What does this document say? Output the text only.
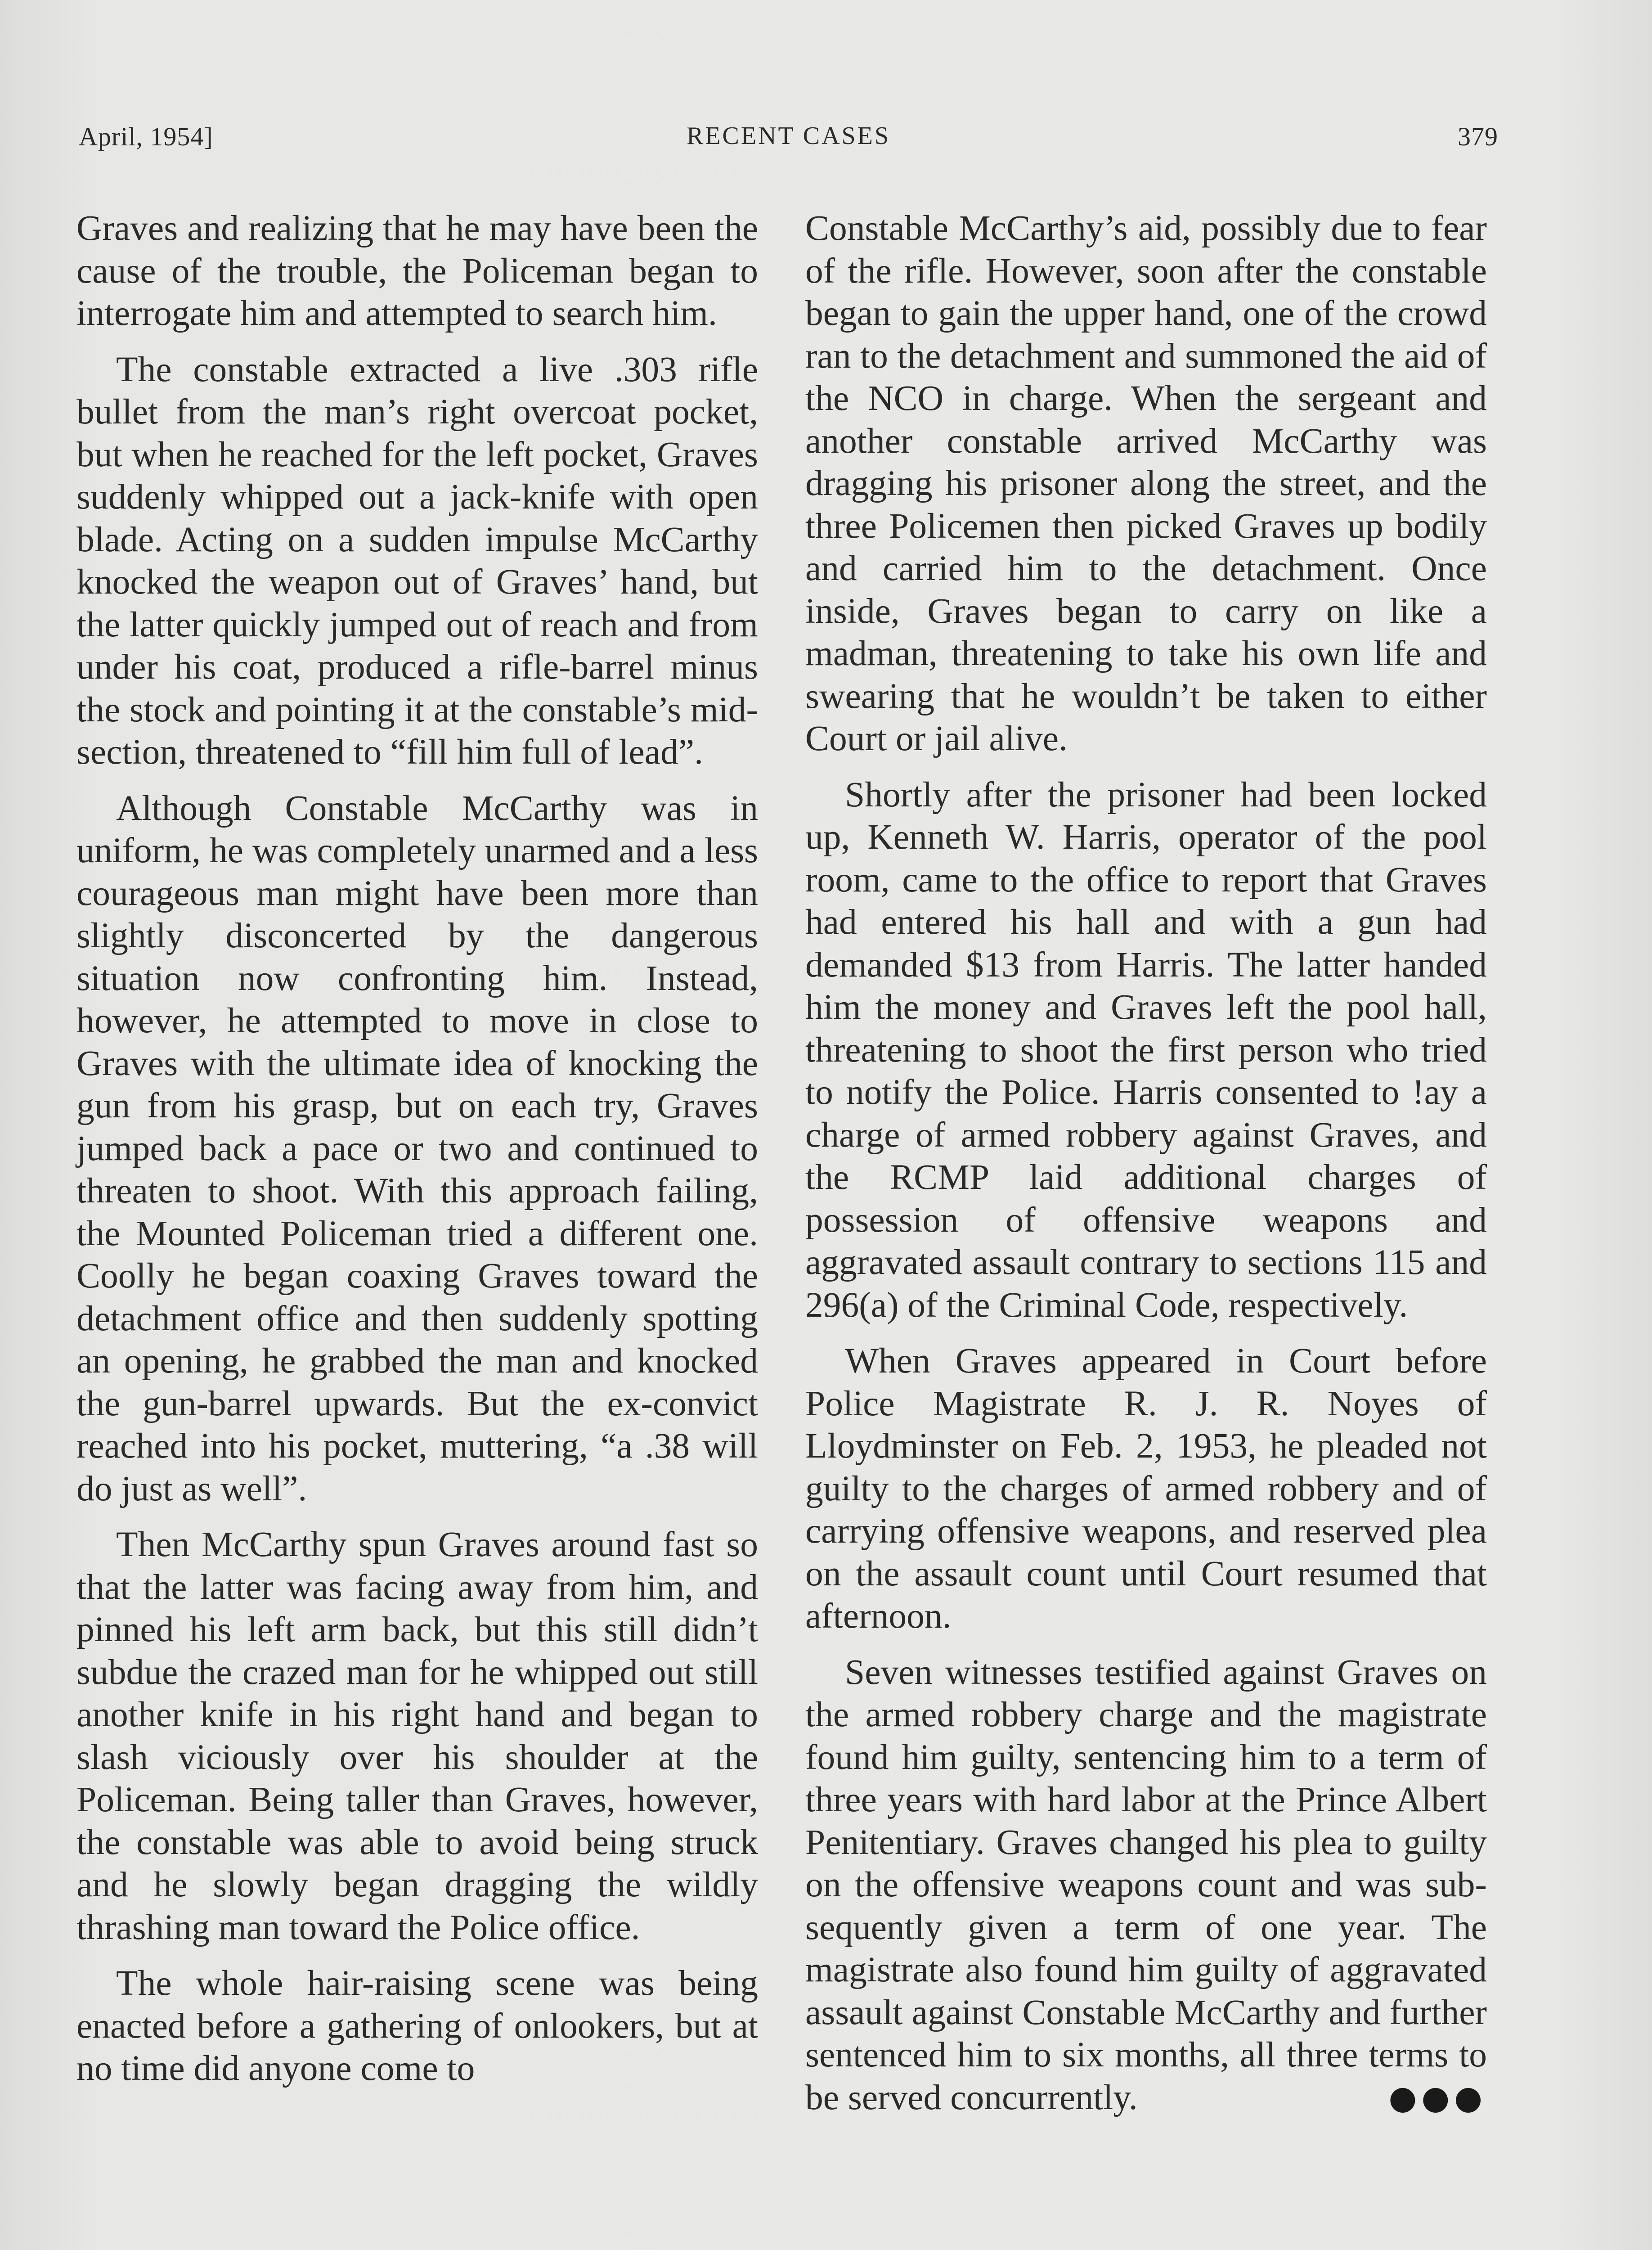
April, 1954]	RECENT CASES	379

Graves and realizing that he may have been the cause of the trouble, the Policeman began to interrogate him and attempted to search him.

The constable extracted a live .303 rifle bullet from the man’s right overcoat pocket, but when he reached for the left pocket, Graves suddenly whipped out a jack-knife with open blade. Acting on a sudden impulse McCarthy knocked the weapon out of Graves’ hand, but the latter quickly jumped out of reach and from under his coat, produced a rifle-barrel minus the stock and pointing it at the constable’s mid-section, threatened to “fill him full of lead”.

Although Constable McCarthy was in uniform, he was completely unarmed and a less courageous man might have been more than slightly disconcerted by the dangerous situation now confronting him. Instead, however, he attempted to move in close to Graves with the ultimate idea of knocking the gun from his grasp, but on each try, Graves jumped back a pace or two and continued to threaten to shoot. With this approach failing, the Mounted Policeman tried a different one. Coolly he began coaxing Graves toward the detachment office and then suddenly spotting an opening, he grabbed the man and knocked the gun-barrel upwards. But the ex-convict reached into his pocket, muttering, “a .38 will do just as well”.

Then McCarthy spun Graves around fast so that the latter was facing away from him, and pinned his left arm back, but this still didn’t subdue the crazed man for he whipped out still another knife in his right hand and began to slash viciously over his shoulder at the Policeman. Being taller than Graves, however, the constable was able to avoid being struck and he slowly began dragging the wildly thrashing man toward the Police office.

The whole hair-raising scene was being enacted before a gathering of onlookers, but at no time did anyone come to

Constable McCarthy’s aid, possibly due to fear of the rifle. However, soon after the constable began to gain the upper hand, one of the crowd ran to the detachment and summoned the aid of the NCO in charge. When the sergeant and another constable arrived McCarthy was dragging his prisoner along the street, and the three Policemen then picked Graves up bodily and carried him to the detachment. Once inside, Graves began to carry on like a madman, threatening to take his own life and swearing that he wouldn’t be taken to either Court or jail alive.

Shortly after the prisoner had been locked up, Kenneth W. Harris, operator of the pool room, came to the office to report that Graves had entered his hall and with a gun had demanded $13 from Harris. The latter handed him the money and Graves left the pool hall, threatening to shoot the first person who tried to notify the Police. Harris consented to !ay a charge of armed robbery against Graves, and the RCMP laid additional charges of possession of offensive weapons and aggravated assault contrary to sections 115 and 296(a) of the Criminal Code, respectively.

When Graves appeared in Court before Police Magistrate R. J. R. Noyes of Lloydminster on Feb. 2, 1953, he pleaded not guilty to the charges of armed robbery and of carrying offensive weapons, and reserved plea on the assault count until Court resumed that afternoon.

Seven witnesses testified against Graves on the armed robbery charge and the magistrate found him guilty, sentencing him to a term of three years with hard labor at the Prince Albert Penitentiary. Graves changed his plea to guilty on the offensive weapons count and was subsequently given a term of one year. The magistrate also found him guilty of aggravated assault against Constable McCarthy and further sentenced him to six months, all three terms to be served concurrently.	●●●
